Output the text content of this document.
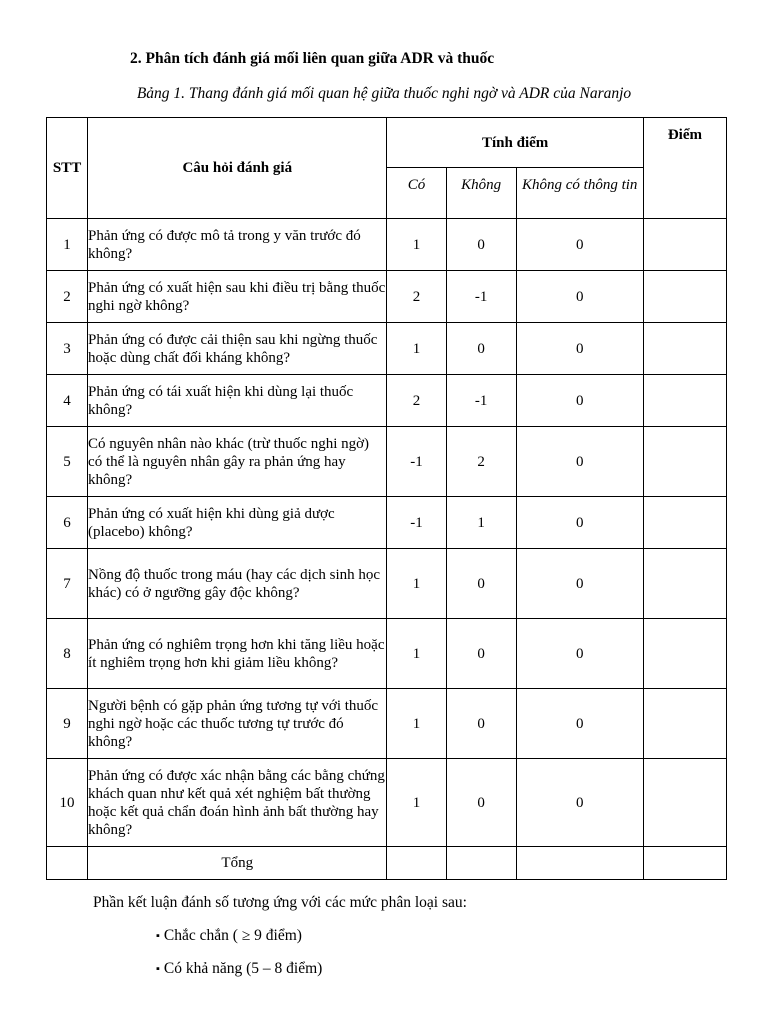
2. Phân tích đánh giá mối liên quan giữa ADR và thuốc
Bảng 1. Thang đánh giá mối quan hệ giữa thuốc nghi ngờ và ADR của Naranjo
STT	Câu hỏi đánh giá	Tính điểm			Điểm
		Có	Không	Không có thông tin	
1	Phản ứng có được mô tả trong y văn trước đó không?	1	0	0	
2	Phản ứng có xuất hiện sau khi điều trị bằng thuốc nghi ngờ không?	2	-1	0	
3	Phản ứng có được cải thiện sau khi ngừng thuốc hoặc dùng chất đối kháng không?	1	0	0	
4	Phản ứng có tái xuất hiện khi dùng lại thuốc không?	2	-1	0	
5	Có nguyên nhân nào khác (trừ thuốc nghi ngờ) có thể là nguyên nhân gây ra phản ứng hay không?	-1	2	0	
6	Phản ứng có xuất hiện khi dùng giả dược (placebo) không?	-1	1	0	
7	Nồng độ thuốc trong máu (hay các dịch sinh học khác) có ở ngưỡng gây độc không?	1	0	0	
8	Phản ứng có nghiêm trọng hơn khi tăng liều hoặc ít nghiêm trọng hơn khi giảm liều không?	1	0	0	
9	Người bệnh có gặp phản ứng tương tự với thuốc nghi ngờ hoặc các thuốc tương tự trước đó không?	1	0	0	
10	Phản ứng có được xác nhận bằng các bằng chứng khách quan như kết quả xét nghiệm bất thường hoặc kết quả chẩn đoán hình ảnh bất thường hay không?	1	0	0	
	Tổng				
Phần kết luận đánh số tương ứng với các mức phân loại sau:
▪ Chắc chắn ( ≥ 9 điểm)
▪ Có khả năng (5 – 8 điểm)
